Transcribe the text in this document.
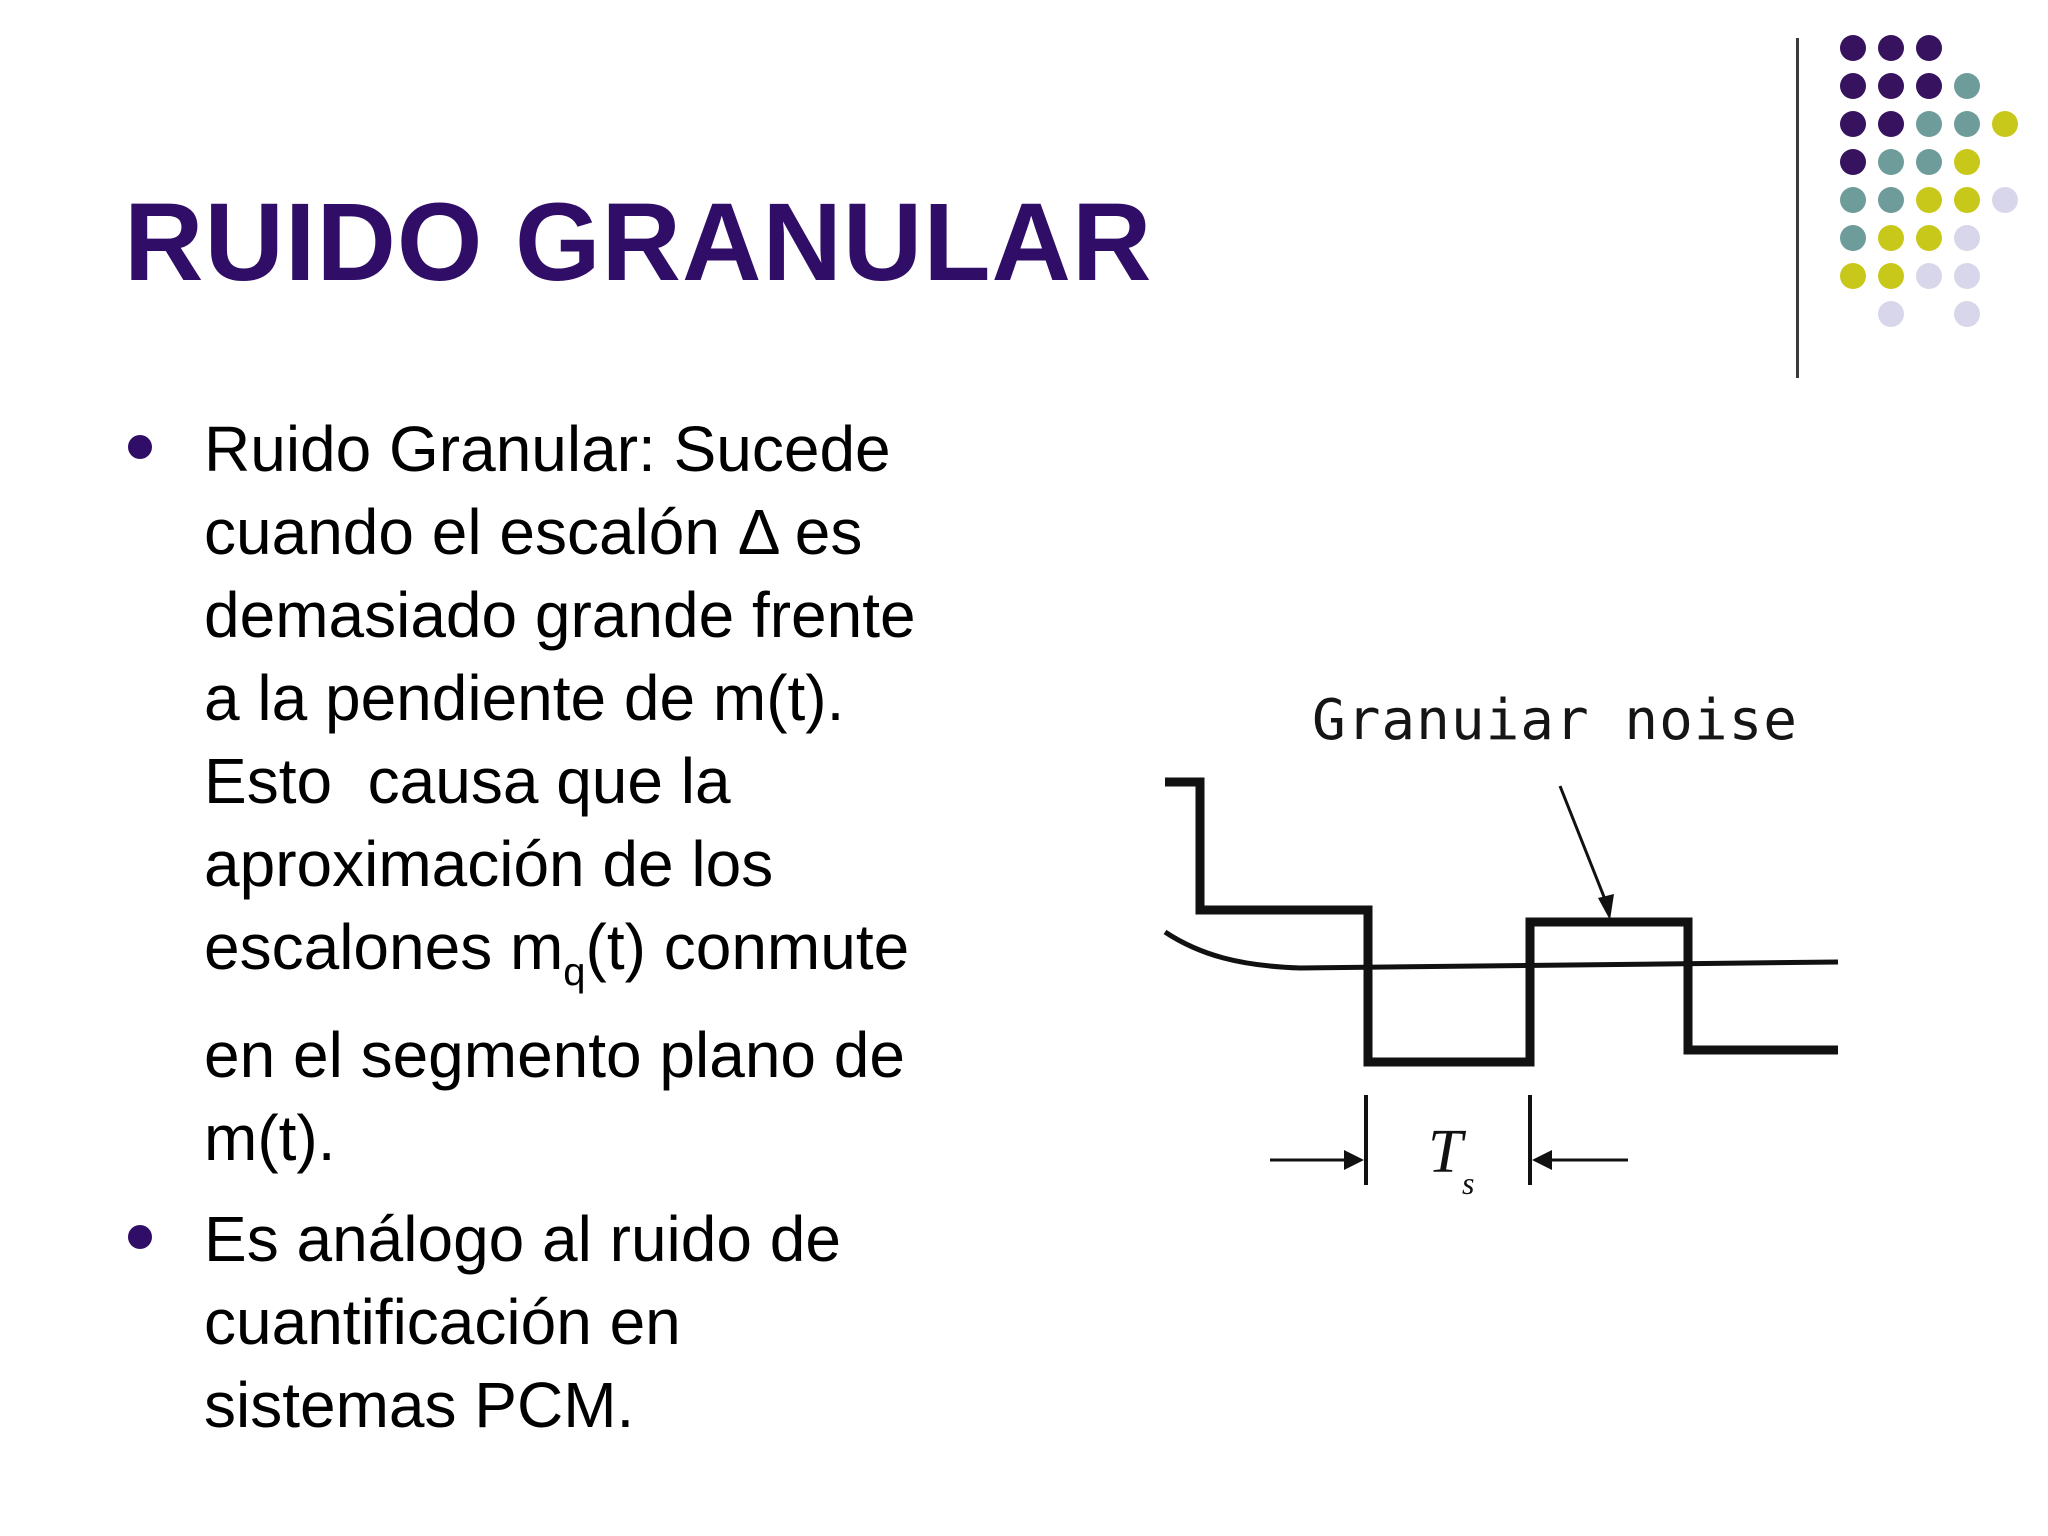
RUIDO GRANULAR
Ruido Granular: Sucede
cuando el escalón Δ es
demasiado grande frente
a la pendiente de m(t).
Esto  causa que la
aproximación de los
escalones $m_q(t)$ conmute
en el segmento plano de
m(t).
Es análogo al ruido de
cuantificación en
sistemas PCM.
Granuiar noise
T s
